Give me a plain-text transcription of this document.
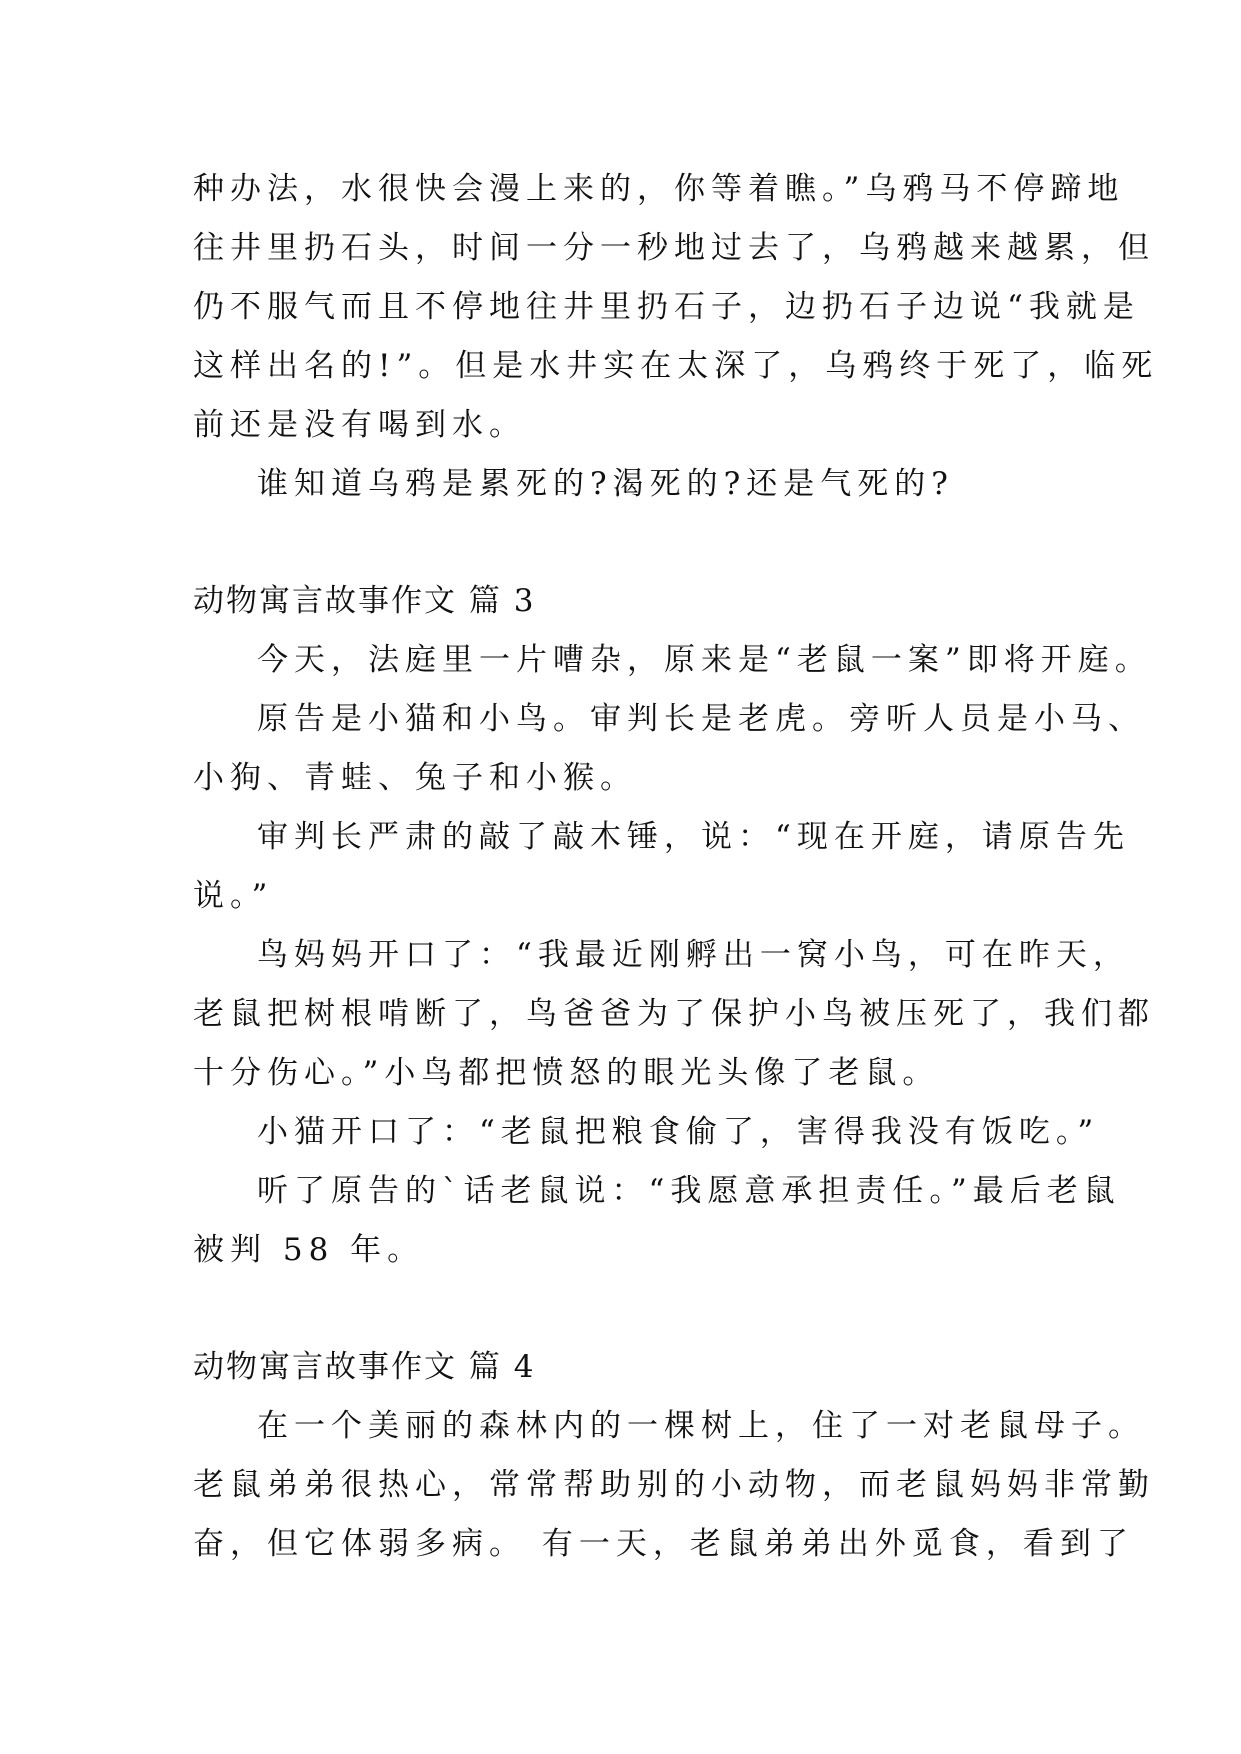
种办法，水很快会漫上来的，你等着瞧。”乌鸦马不停蹄地
往井里扔石头，时间一分一秒地过去了，乌鸦越来越累，但
仍不服气而且不停地往井里扔石子，边扔石子边说“我就是
这样出名的!”。但是水井实在太深了，乌鸦终于死了，临死
前还是没有喝到水。
谁知道乌鸦是累死的?渴死的?还是气死的?
动物寓言故事作文 篇 3
今天，法庭里一片嘈杂，原来是“老鼠一案”即将开庭。
原告是小猫和小鸟。审判长是老虎。旁听人员是小马、
小狗、青蛙、兔子和小猴。
审判长严肃的敲了敲木锤，说：“现在开庭，请原告先
说。”
鸟妈妈开口了：“我最近刚孵出一窝小鸟，可在昨天，
老鼠把树根啃断了，鸟爸爸为了保护小鸟被压死了，我们都
十分伤心。”小鸟都把愤怒的眼光头像了老鼠。
小猫开口了：“老鼠把粮食偷了，害得我没有饭吃。”
听了原告的`话老鼠说：“我愿意承担责任。”最后老鼠
被判 58 年。
动物寓言故事作文 篇 4
在一个美丽的森林内的一棵树上，住了一对老鼠母子。
老鼠弟弟很热心，常常帮助别的小动物，而老鼠妈妈非常勤
奋，但它体弱多病。 有一天，老鼠弟弟出外觅食，看到了
